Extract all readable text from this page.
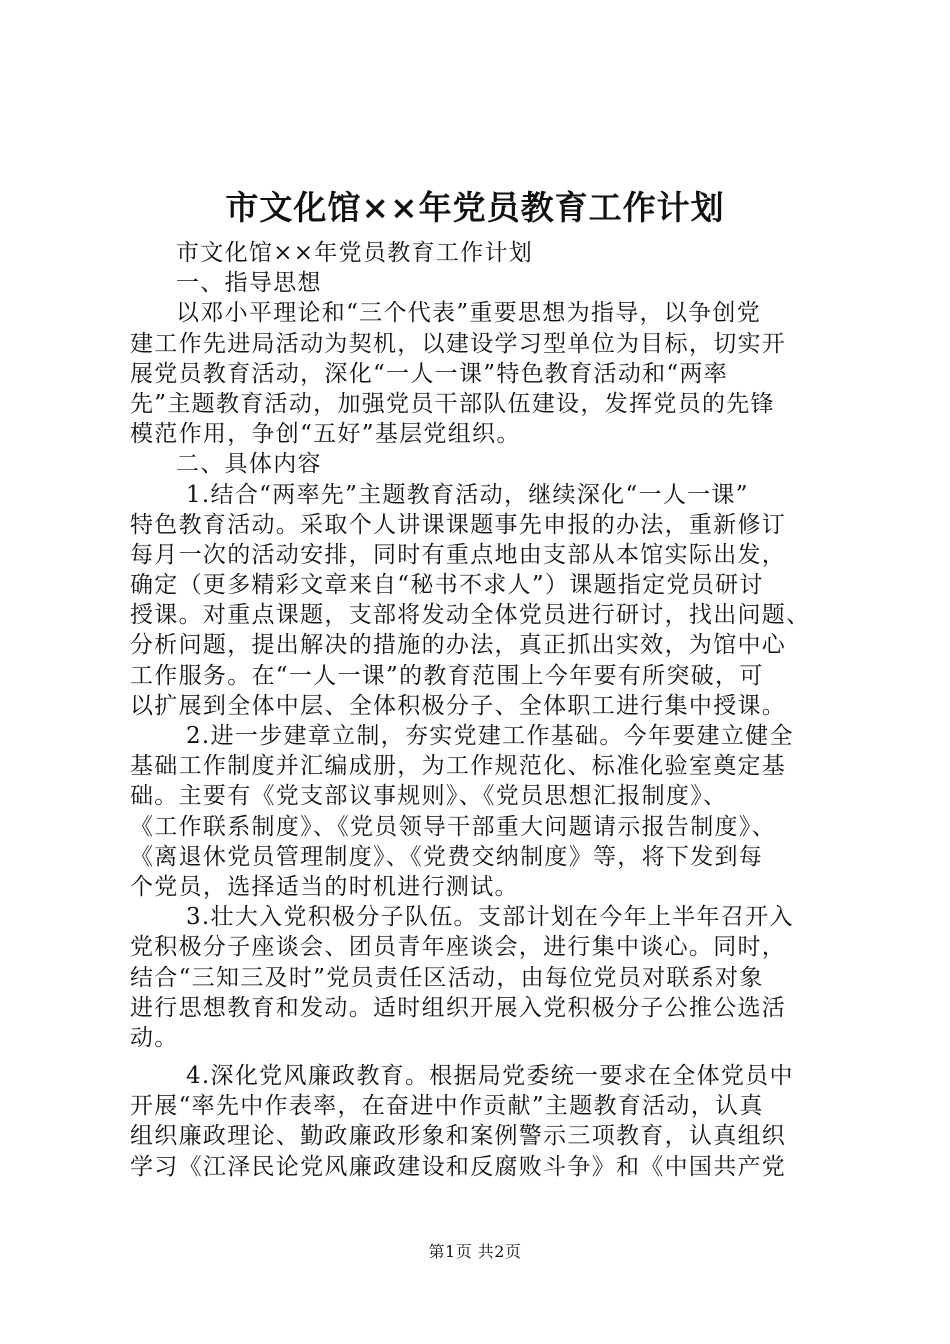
市文化馆××年党员教育工作计划
市文化馆××年党员教育工作计划
一、指导思想
以邓小平理论和“三个代表”重要思想为指导，以争创党
建工作先进局活动为契机，以建设学习型单位为目标，切实开
展党员教育活动，深化“一人一课”特色教育活动和“两率
先”主题教育活动，加强党员干部队伍建设，发挥党员的先锋
模范作用，争创“五好”基层党组织。
二、具体内容
1.结合“两率先”主题教育活动，继续深化“一人一课”
特色教育活动。采取个人讲课课题事先申报的办法，重新修订
每月一次的活动安排，同时有重点地由支部从本馆实际出发，
确定（更多精彩文章来自“秘书不求人”）课题指定党员研讨
授课。对重点课题，支部将发动全体党员进行研讨，找出问题、
分析问题，提出解决的措施的办法，真正抓出实效，为馆中心
工作服务。在“一人一课”的教育范围上今年要有所突破，可
以扩展到全体中层、全体积极分子、全体职工进行集中授课。
2.进一步建章立制，夯实党建工作基础。今年要建立健全
基础工作制度并汇编成册，为工作规范化、标准化验室奠定基
础。主要有《党支部议事规则》、《党员思想汇报制度》、
《工作联系制度》、《党员领导干部重大问题请示报告制度》、
《离退休党员管理制度》、《党费交纳制度》等，将下发到每
个党员，选择适当的时机进行测试。
3.壮大入党积极分子队伍。支部计划在今年上半年召开入
党积极分子座谈会、团员青年座谈会，进行集中谈心。同时，
结合“三知三及时”党员责任区活动，由每位党员对联系对象
进行思想教育和发动。适时组织开展入党积极分子公推公选活
动。
4.深化党风廉政教育。根据局党委统一要求在全体党员中
开展“率先中作表率，在奋进中作贡献”主题教育活动，认真
组织廉政理论、勤政廉政形象和案例警示三项教育，认真组织
学习《江泽民论党风廉政建设和反腐败斗争》和《中国共产党
第1页 共2页
